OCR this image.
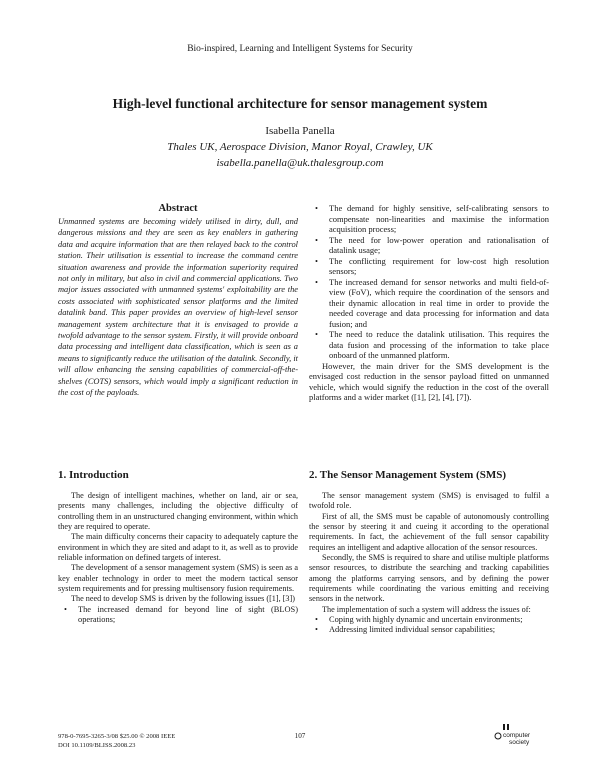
Bio-inspired, Learning and Intelligent Systems for Security
High-level functional architecture for sensor management system
Isabella Panella
Thales UK, Aerospace Division, Manor Royal, Crawley, UK
isabella.panella@uk.thalesgroup.com
Abstract

Unmanned systems are becoming widely utilised in dirty, dull, and dangerous missions and they are seen as key enablers in gathering data and acquire information that are then relayed back to the control station. Their utilisation is essential to increase the command centre situation awareness and provide the information superiority required not only in military, but also in civil and commercial applications. Two major issues associated with unmanned systems' exploitability are the costs associated with sophisticated sensor platforms and the limited datalink band. This paper provides an overview of high-level sensor management system architecture that it is envisaged to provide a twofold advantage to the sensor system. Firstly, it will provide onboard data processing and intelligent data classification, which is seen as a means to significantly reduce the utilisation of the datalink. Secondly, it will allow enhancing the sensing capabilities of commercial-off-the-shelves (COTS) sensors, which would imply a significant reduction in the cost of the payloads.

• The demand for highly sensitive, self-calibrating sensors to compensate non-linearities and maximise the information acquisition process;
• The need for low-power operation and rationalisation of datalink usage;
• The conflicting requirement for low-cost high resolution sensors;
• The increased demand for sensor networks and multi field-of-view (FoV), which require the coordination of the sensors and their dynamic allocation in real time in order to provide the needed coverage and data processing for information and data fusion; and
• The need to reduce the datalink utilisation. This requires the data fusion and processing of the information to take place onboard of the unmanned platform.

However, the main driver for the SMS development is the envisaged cost reduction in the sensor payload fitted on unmanned vehicle, which would signify the reduction in the cost of the overall platforms and a wider market ([1], [2], [4], [7]).

1. Introduction	2. The Sensor Management System (SMS)

The design of intelligent machines, whether on land, air or sea, presents many challenges, including the objective difficulty of controlling them in an unstructured changing environment, within which they are required to operate.

The main difficulty concerns their capacity to adequately capture the environment in which they are sited and adapt to it, as well as to provide reliable information on defined targets of interest.

The development of a sensor management system (SMS) is seen as a key enabler technology in order to meet the modern tactical sensor system requirements and for pressing multisensory fusion requirements.

The need to develop SMS is driven by the following issues ([1], [3])

• The increased demand for beyond line of sight (BLOS) operations;

The sensor management system (SMS) is envisaged to fulfil a twofold role.

First of all, the SMS must be capable of autonomously controlling the sensor by steering it and cueing it according to the operational requirements. In fact, the achievement of the full sensor capability requires an intelligent and adaptive allocation of the sensor resources.

Secondly, the SMS is required to share and utilise multiple platforms sensor resources, to distribute the searching and tracking capabilities among the platforms carrying sensors, and by defining the power requirements while coordinating the various emitting and receiving sensors in the network.

The implementation of such a system will address the issues of:

• Coping with highly dynamic and uncertain environments;
• Addressing limited individual sensor capabilities;
978-0-7695-3265-3/08 $25.00 © 2008 IEEE
DOI 10.1109/BLISS.2008.23
107	computer
society
